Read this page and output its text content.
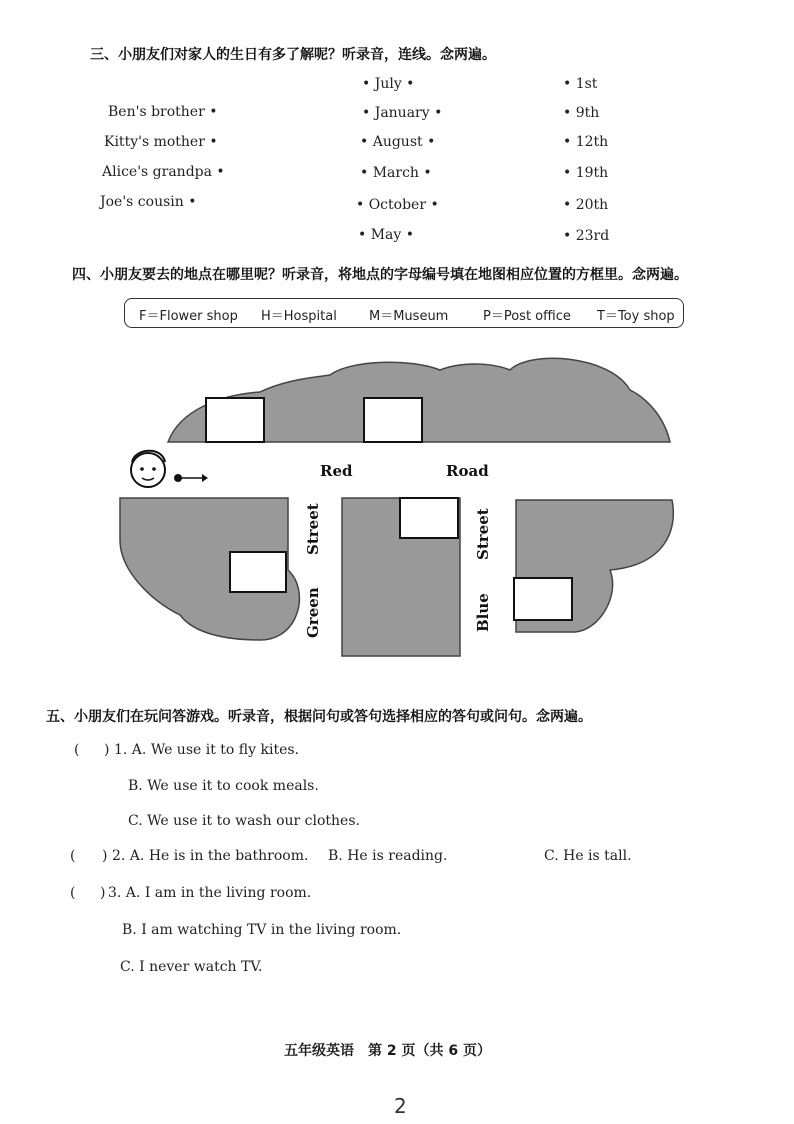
三、小朋友们对家人的生日有多了解呢？听录音，连线。念两遍。
Ben's brother •
Kitty's mother •
Alice's grandpa •
Joe's cousin •
• July •
• January •
• August •
• March •
• October •
• May •
• 1st
• 9th
• 12th
• 19th
• 20th
• 23rd
四、小朋友要去的地点在哪里呢？听录音，将地点的字母编号填在地图相应位置的方框里。念两遍。
F＝Flower shop H＝Hospital M＝Museum	P＝Post office T＝Toy shop
Red	Road
Street
Green
Street
Blue
五、小朋友们在玩问答游戏。听录音，根据问句或答句选择相应的答句或问句。念两遍。
( ) 1. A. We use it to fly kites.
B. We use it to cook meals.
C. We use it to wash our clothes.
( ) 2. A. He is in the bathroom. B. He is reading.	C. He is tall.
( ) 3. A. I am in the living room.
B. I am watching TV in the living room.
C. I never watch TV.
五年级英语　第 2 页（共 6 页）
2
